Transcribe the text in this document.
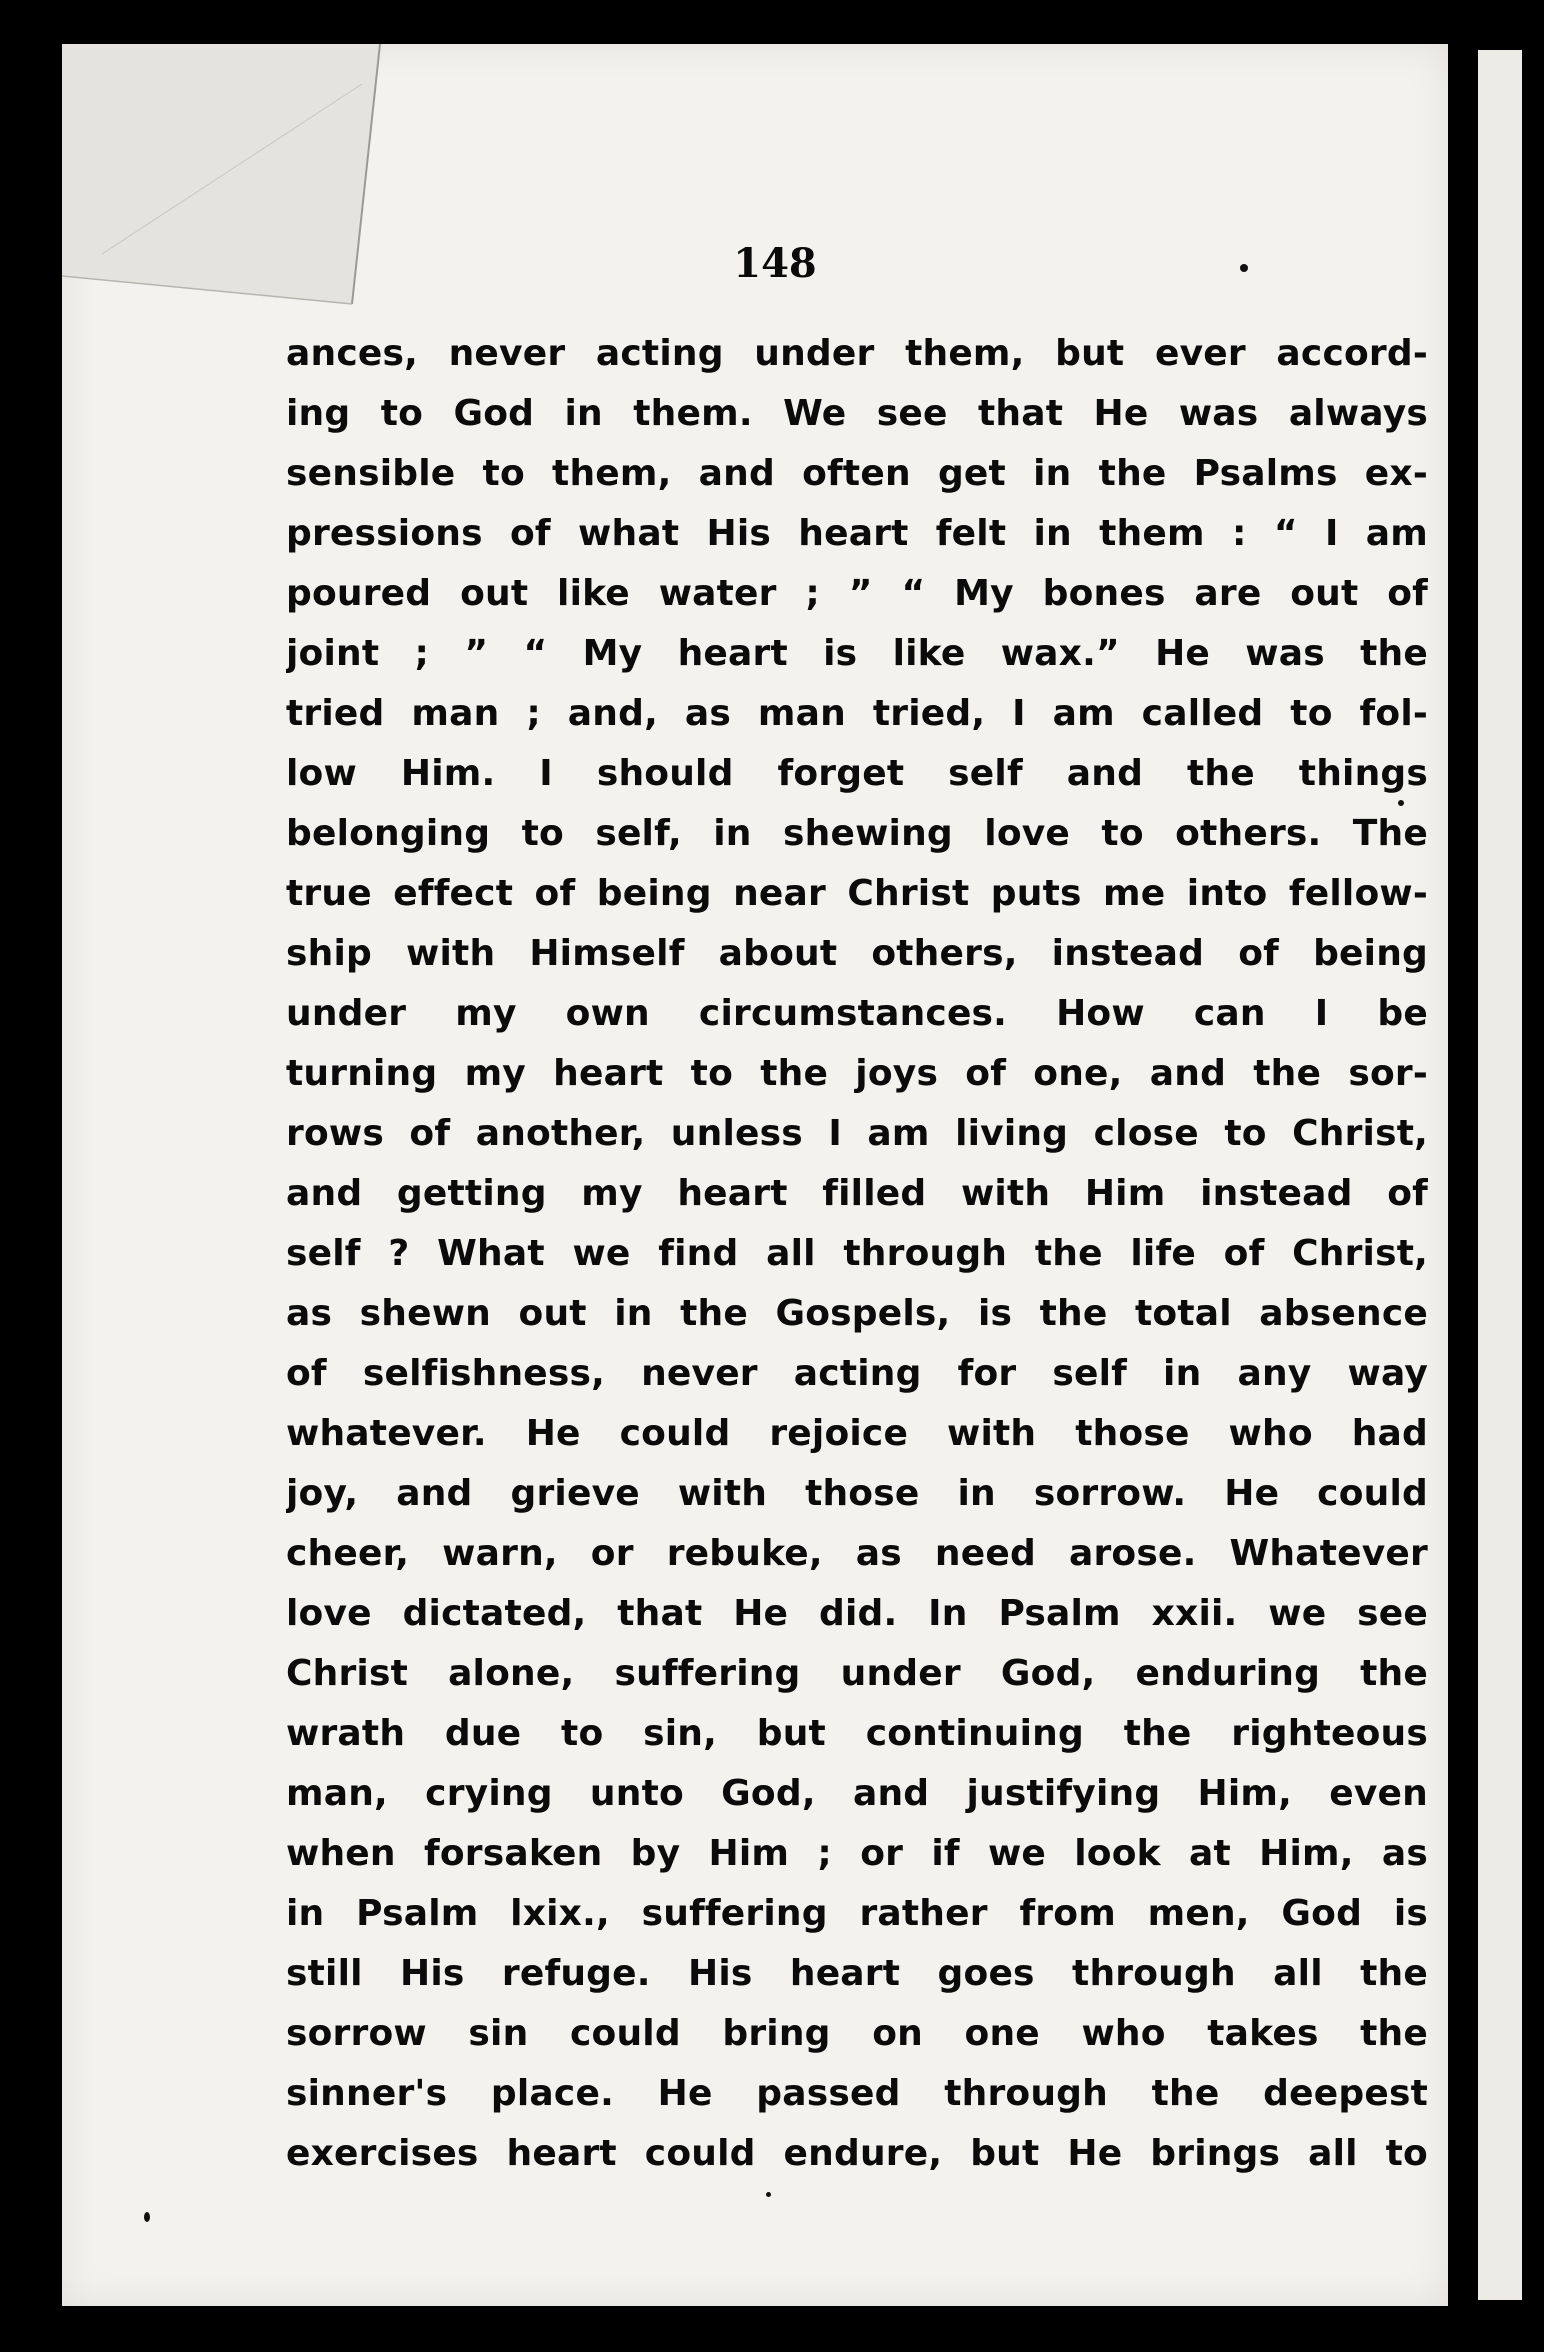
148
ances, never acting under them, but ever accord-
ing to God in them. We see that He was always
sensible to them, and often get in the Psalms ex-
pressions of what His heart felt in them : “ I am
poured out like water ; ” “ My bones are out of
joint ; ” “ My heart is like wax.” He was the
tried man ; and, as man tried, I am called to fol-
low Him. I should forget self and the things
belonging to self, in shewing love to others. The
true effect of being near Christ puts me into fellow-
ship with Himself about others, instead of being
under my own circumstances. How can I be
turning my heart to the joys of one, and the sor-
rows of another, unless I am living close to Christ,
and getting my heart filled with Him instead of
self ? What we find all through the life of Christ,
as shewn out in the Gospels, is the total absence
of selfishness, never acting for self in any way
whatever. He could rejoice with those who had
joy, and grieve with those in sorrow. He could
cheer, warn, or rebuke, as need arose. Whatever
love dictated, that He did. In Psalm xxii. we see
Christ alone, suffering under God, enduring the
wrath due to sin, but continuing the righteous
man, crying unto God, and justifying Him, even
when forsaken by Him ; or if we look at Him, as
in Psalm lxix., suffering rather from men, God is
still His refuge. His heart goes through all the
sorrow sin could bring on one who takes the
sinner's place. He passed through the deepest
exercises heart could endure, but He brings all to
